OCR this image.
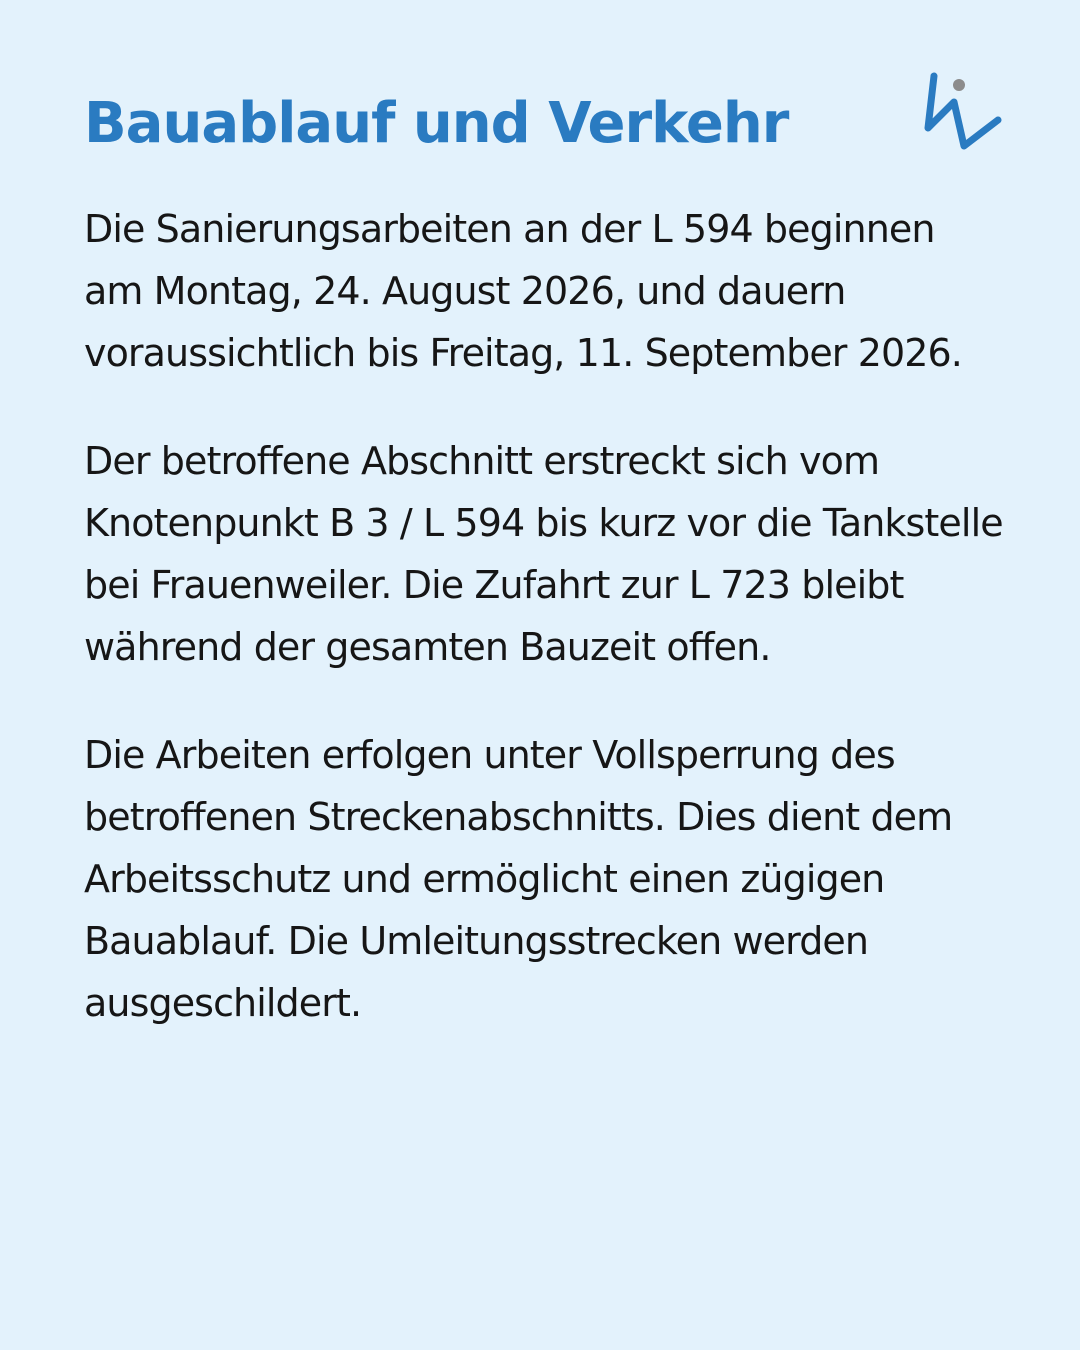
Bauablauf und Verkehr

Die Sanierungsarbeiten an der L 594 beginnen am Montag, 24. August 2026, und dauern voraussichtlich bis Freitag, 11. September 2026.

Der betroffene Abschnitt erstreckt sich vom Knotenpunkt B 3 / L 594 bis kurz vor die Tankstelle bei Frauenweiler. Die Zufahrt zur L 723 bleibt während der gesamten Bauzeit offen.

Die Arbeiten erfolgen unter Vollsperrung des betroffenen Streckenabschnitts. Dies dient dem Arbeitsschutz und ermöglicht einen zügigen Bauablauf. Die Umleitungsstrecken werden ausgeschildert.
